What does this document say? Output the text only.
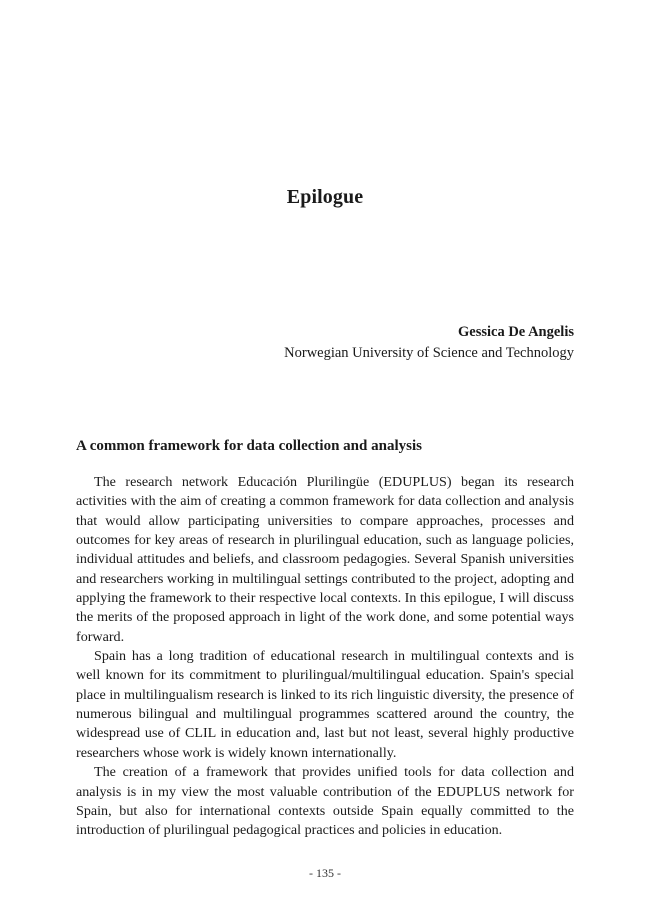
Epilogue
Gessica De Angelis
Norwegian University of Science and Technology
A common framework for data collection and analysis

The research network Educación Plurilingüe (EDUPLUS) began its research activities with the aim of creating a common framework for data collection and analysis that would allow participating universities to compare approaches, processes and outcomes for key areas of research in plurilingual education, such as language policies, individual attitudes and beliefs, and classroom pedagogies. Several Spanish universities and researchers working in multilingual settings contributed to the project, adopting and applying the framework to their respective local contexts. In this epilogue, I will discuss the merits of the proposed approach in light of the work done, and some potential ways forward.

Spain has a long tradition of educational research in multilingual contexts and is well known for its commitment to plurilingual/multilingual education. Spain's special place in multilingualism research is linked to its rich linguistic diversity, the presence of numerous bilingual and multilingual programmes scattered around the country, the widespread use of CLIL in education and, last but not least, several highly productive researchers whose work is widely known internationally.

The creation of a framework that provides unified tools for data collection and analysis is in my view the most valuable contribution of the EDUPLUS network for Spain, but also for international contexts outside Spain equally committed to the introduction of plurilingual pedagogical practices and policies in education.

- 135 -
